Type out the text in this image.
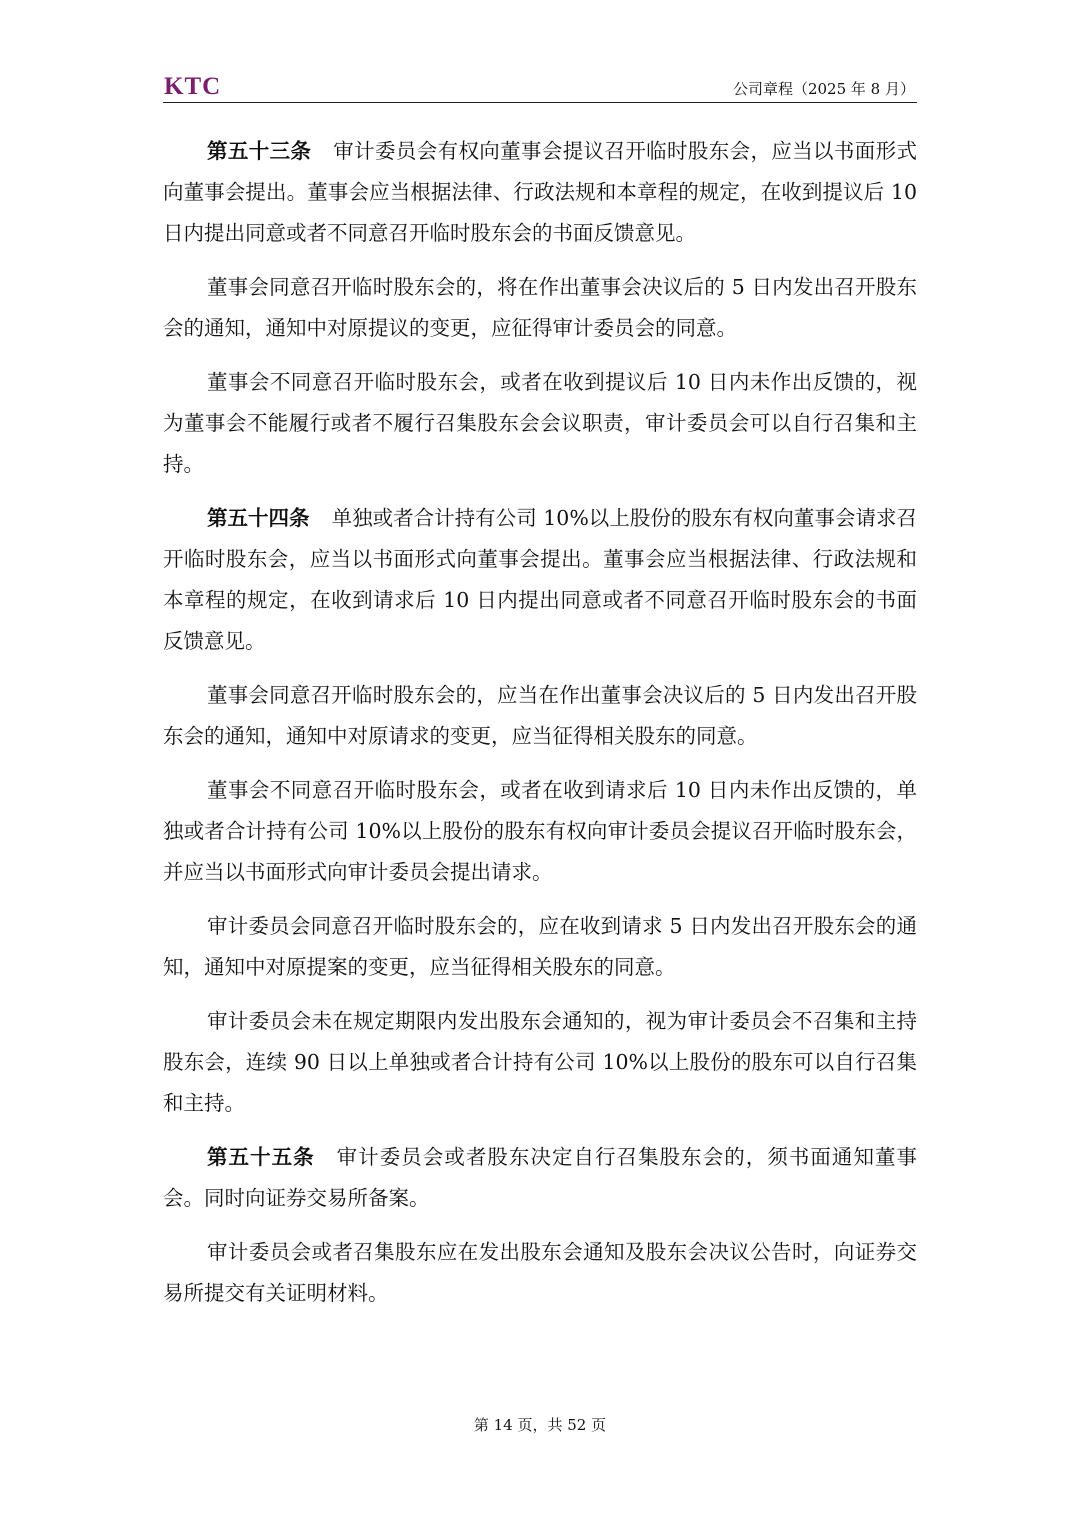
KTC	公司章程（2025 年 8 月）

第五十三条 审计委员会有权向董事会提议召开临时股东会，应当以书面形式向董事会提出。董事会应当根据法律、行政法规和本章程的规定，在收到提议后 10 日内提出同意或者不同意召开临时股东会的书面反馈意见。

董事会同意召开临时股东会的，将在作出董事会决议后的 5 日内发出召开股东会的通知，通知中对原提议的变更，应征得审计委员会的同意。

董事会不同意召开临时股东会，或者在收到提议后 10 日内未作出反馈的，视为董事会不能履行或者不履行召集股东会会议职责，审计委员会可以自行召集和主持。

第五十四条 单独或者合计持有公司 10%以上股份的股东有权向董事会请求召开临时股东会，应当以书面形式向董事会提出。董事会应当根据法律、行政法规和本章程的规定，在收到请求后 10 日内提出同意或者不同意召开临时股东会的书面反馈意见。

董事会同意召开临时股东会的，应当在作出董事会决议后的 5 日内发出召开股东会的通知，通知中对原请求的变更，应当征得相关股东的同意。

董事会不同意召开临时股东会，或者在收到请求后 10 日内未作出反馈的，单独或者合计持有公司 10%以上股份的股东有权向审计委员会提议召开临时股东会，并应当以书面形式向审计委员会提出请求。

审计委员会同意召开临时股东会的，应在收到请求 5 日内发出召开股东会的通知，通知中对原提案的变更，应当征得相关股东的同意。

审计委员会未在规定期限内发出股东会通知的，视为审计委员会不召集和主持股东会，连续 90 日以上单独或者合计持有公司 10%以上股份的股东可以自行召集和主持。

第五十五条 审计委员会或者股东决定自行召集股东会的，须书面通知董事会。同时向证券交易所备案。

审计委员会或者召集股东应在发出股东会通知及股东会决议公告时，向证券交易所提交有关证明材料。

第 14 页，共 52 页
